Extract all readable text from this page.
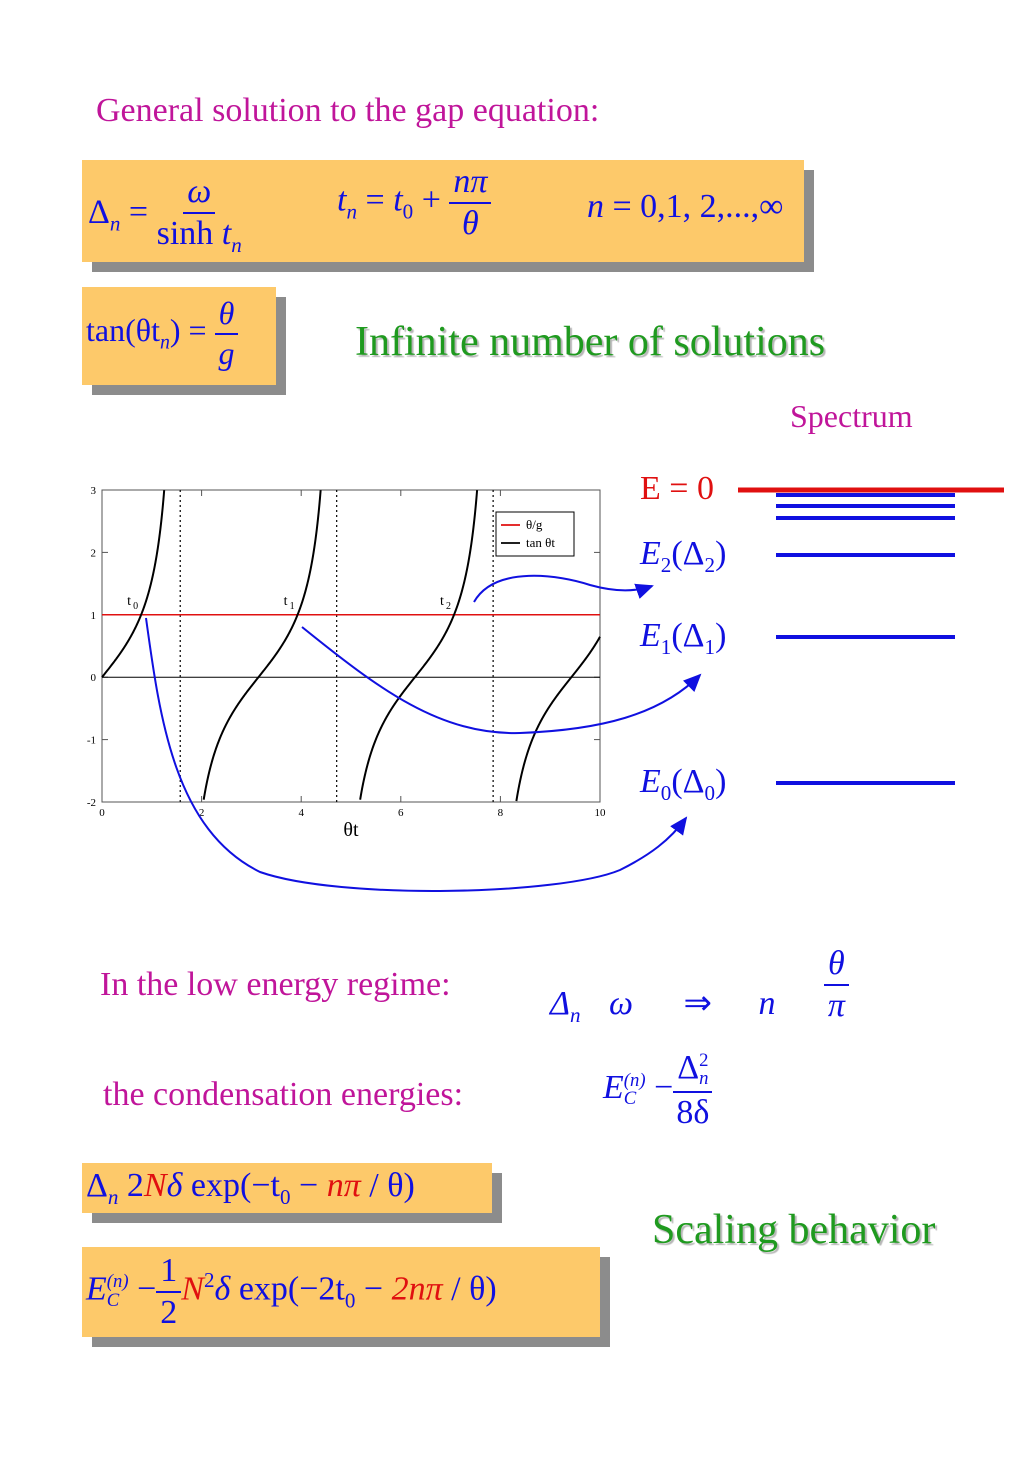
General solution to the gap equation:
$\Delta_n = \frac{\omega}{\sinh t_n}$	$t_n = t_0 + \frac{n\pi}{\theta}$	n = 0,1, 2,...,∞
$\tan(\theta t_n) = \frac{\theta}{g}$	Infinite number of solutions
Spectrum
E = 0
$E_2(\Delta_2)$
$E_1(\Delta_1)$
$E_0(\Delta_0)$
0	2	4	6	8	10
-2
-1
0
1
2
3
θt
t 0	t 1	t 2
θ/g
tan θt
In the low energy regime:
$\Delta_n$ ω ⇒ n $\frac{\theta}{\pi}$
the condensation energies:	E (n)
C − Δ 2
n
8δ
$\Delta_n$ 2Nδ $\exp(-t_0 - n\pi / \theta)$
Scaling behavior
E (n)
$C - \frac{1}{2} N^2\delta$ $\exp(-2t_0 - 2n\pi / \theta)$
